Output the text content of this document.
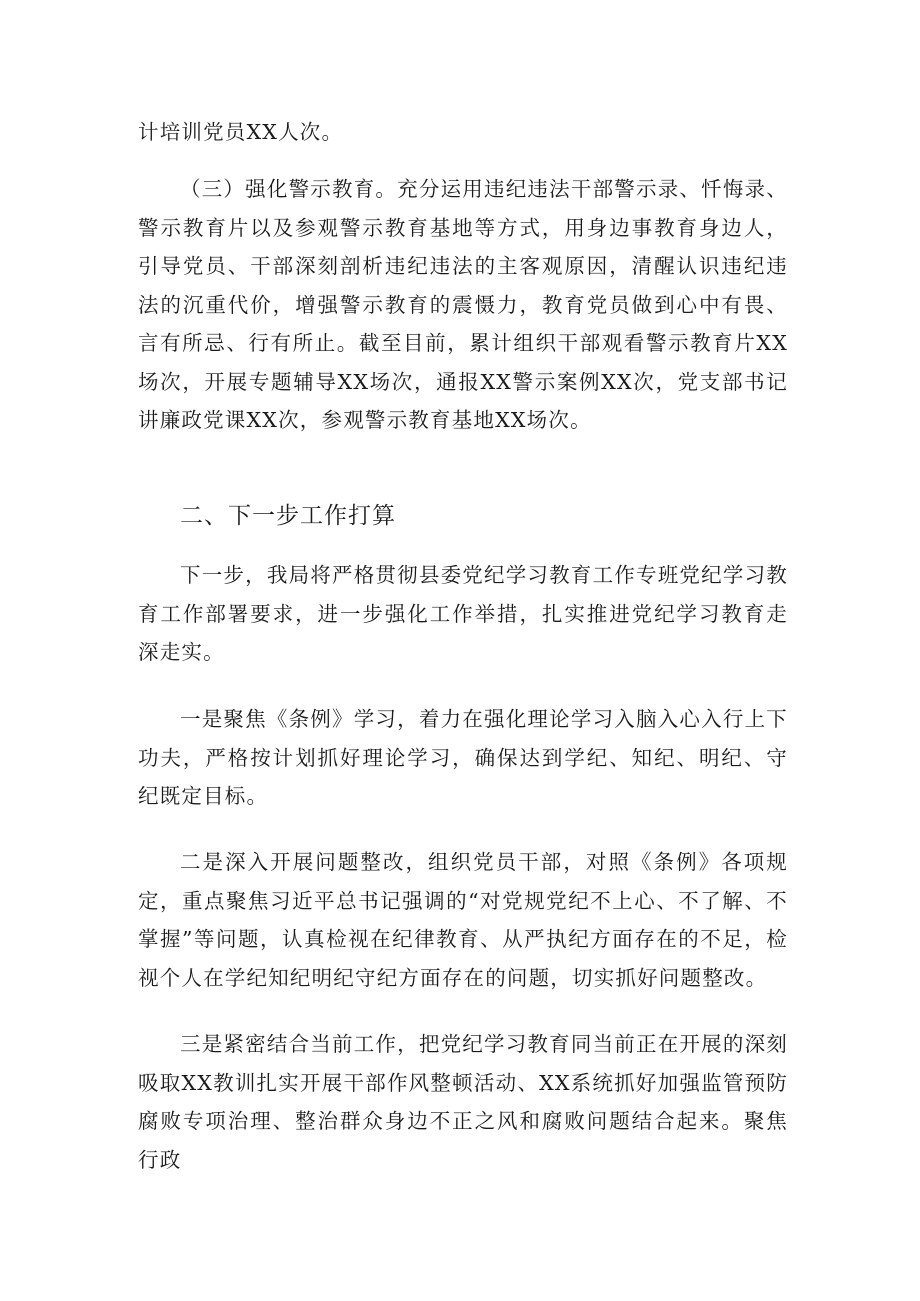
计培训党员XX人次。

（三）强化警示教育。充分运用违纪违法干部警示录、忏悔录、警示教育片以及参观警示教育基地等方式，用身边事教育身边人，引导党员、干部深刻剖析违纪违法的主客观原因，清醒认识违纪违法的沉重代价，增强警示教育的震慑力，教育党员做到心中有畏、言有所忌、行有所止。截至目前，累计组织干部观看警示教育片XX场次，开展专题辅导XX场次，通报XX警示案例XX次，党支部书记讲廉政党课XX次，参观警示教育基地XX场次。

二、下一步工作打算

下一步，我局将严格贯彻县委党纪学习教育工作专班党纪学习教育工作部署要求，进一步强化工作举措，扎实推进党纪学习教育走深走实。

一是聚焦《条例》学习，着力在强化理论学习入脑入心入行上下功夫，严格按计划抓好理论学习，确保达到学纪、知纪、明纪、守纪既定目标。

二是深入开展问题整改，组织党员干部，对照《条例》各项规定，重点聚焦习近平总书记强调的“对党规党纪不上心、不了解、不掌握”等问题，认真检视在纪律教育、从严执纪方面存在的不足，检视个人在学纪知纪明纪守纪方面存在的问题，切实抓好问题整改。

三是紧密结合当前工作，把党纪学习教育同当前正在开展的深刻吸取XX教训扎实开展干部作风整顿活动、XX系统抓好加强监管预防腐败专项治理、整治群众身边不正之风和腐败问题结合起来。聚焦行政
